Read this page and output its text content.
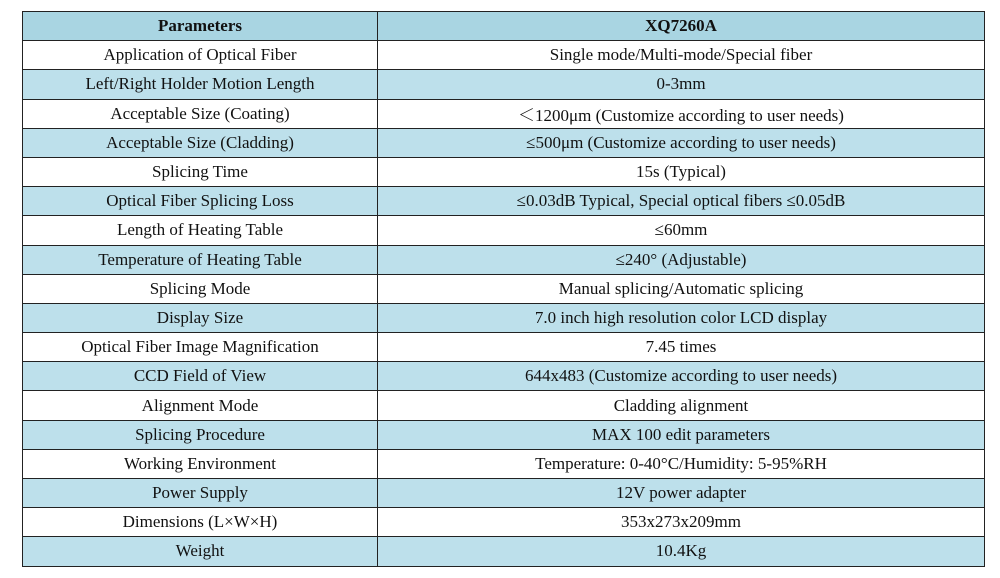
Parameters	XQ7260A
Application of Optical Fiber	Single mode/Multi-mode/Special fiber
Left/Right Holder Motion Length	0-3mm
Acceptable Size (Coating)	＜1200μm (Customize according to user needs)
Acceptable Size (Cladding)	≤500μm (Customize according to user needs)
Splicing Time	15s (Typical)
Optical Fiber Splicing Loss	≤0.03dB Typical, Special optical fibers ≤0.05dB
Length of Heating Table	≤60mm
Temperature of Heating Table	≤240° (Adjustable)
Splicing Mode	Manual splicing/Automatic splicing
Display Size	7.0 inch high resolution color LCD display
Optical Fiber Image Magnification	7.45 times
CCD Field of View	644x483 (Customize according to user needs)
Alignment Mode	Cladding alignment
Splicing Procedure	MAX 100 edit parameters
Working Environment	Temperature: 0-40°C/Humidity: 5-95%RH
Power Supply	12V power adapter
Dimensions (L×W×H)	353x273x209mm
Weight	10.4Kg
